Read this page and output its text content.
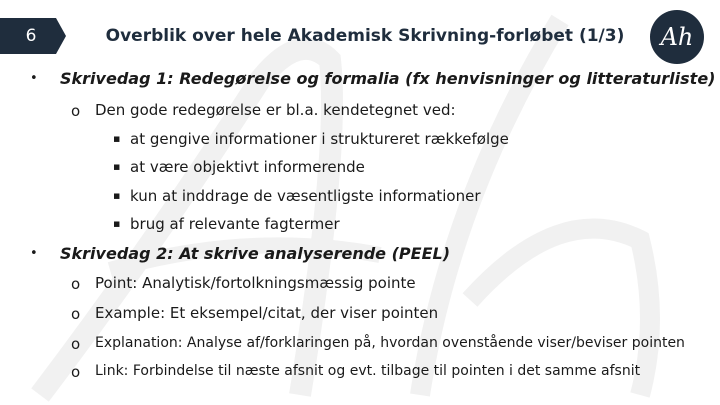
6	Overblik over hele Akademisk Skrivning-forløbet (1/3)	Ah
• Skrivedag 1: Redegørelse og formalia (fx henvisninger og litteraturliste)
o Den gode redegørelse er bl.a. kendetegnet ved:
▪ at gengive informationer i struktureret rækkefølge
▪ at være objektivt informerende
▪ kun at inddrage de væsentligste informationer
▪ brug af relevante fagtermer
• Skrivedag 2: At skrive analyserende (PEEL)
o Point: Analytisk/fortolkningsmæssig pointe
o Example: Et eksempel/citat, der viser pointen
o Explanation: Analyse af/forklaringen på, hvordan ovenstående viser/beviser pointen
o Link: Forbindelse til næste afsnit og evt. tilbage til pointen i det samme afsnit
